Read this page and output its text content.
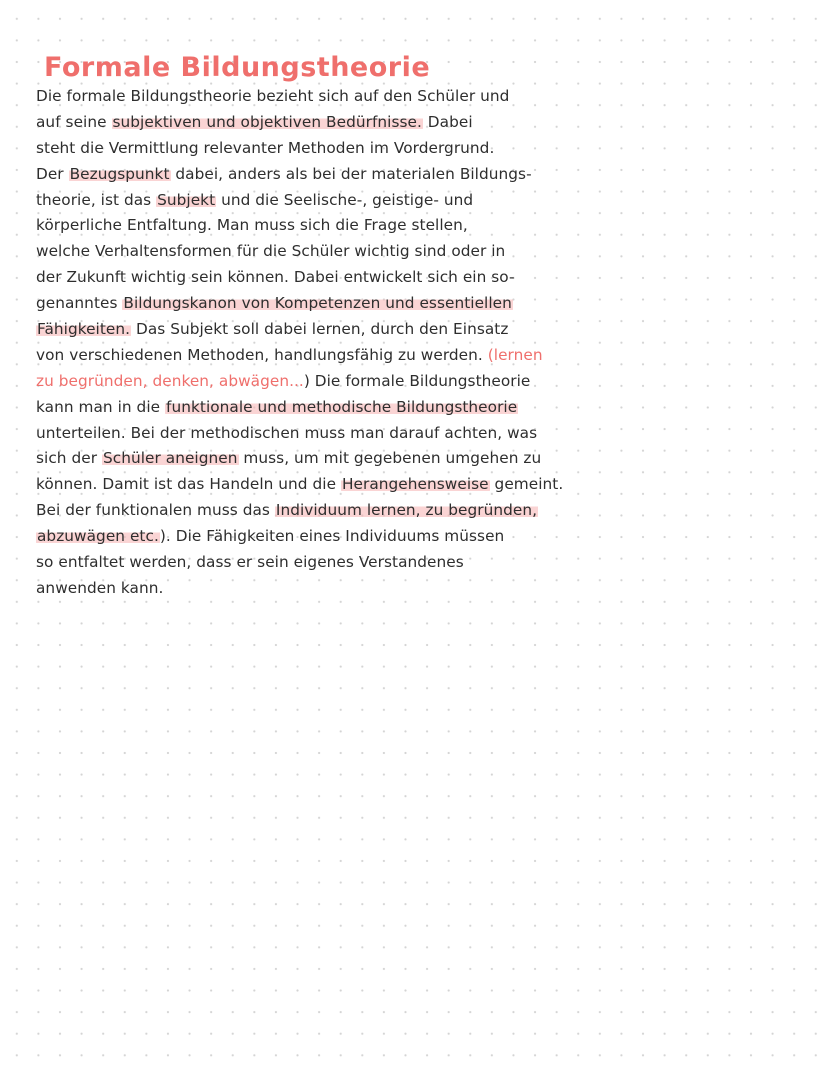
Formale Bildungstheorie
Die formale Bildungstheorie bezieht sich auf den Schüler und
auf seine subjektiven und objektiven Bedürfnisse. Dabei
steht die Vermittlung relevanter Methoden im Vordergrund.
Der Bezugspunkt dabei, anders als bei der materialen Bildungs-
theorie, ist das Subjekt und die Seelische-, geistige- und
körperliche Entfaltung. Man muss sich die Frage stellen,
welche Verhaltensformen für die Schüler wichtig sind oder in
der Zukunft wichtig sein können. Dabei entwickelt sich ein so-
genanntes Bildungskanon von Kompetenzen und essentiellen
Fähigkeiten. Das Subjekt soll dabei lernen, durch den Einsatz
von verschiedenen Methoden, handlungsfähig zu werden. (lernen
zu begründen, denken, abwägen...) Die formale Bildungstheorie
kann man in die funktionale und methodische Bildungstheorie
unterteilen. Bei der methodischen muss man darauf achten, was
sich der Schüler aneignen muss, um mit gegebenen umgehen zu
können. Damit ist das Handeln und die Herangehensweise gemeint.
Bei der funktionalen muss das Individuum lernen, zu begründen,
abzuwägen etc.). Die Fähigkeiten eines Individuums müssen
so entfaltet werden, dass er sein eigenes Verstandenes
anwenden kann.
